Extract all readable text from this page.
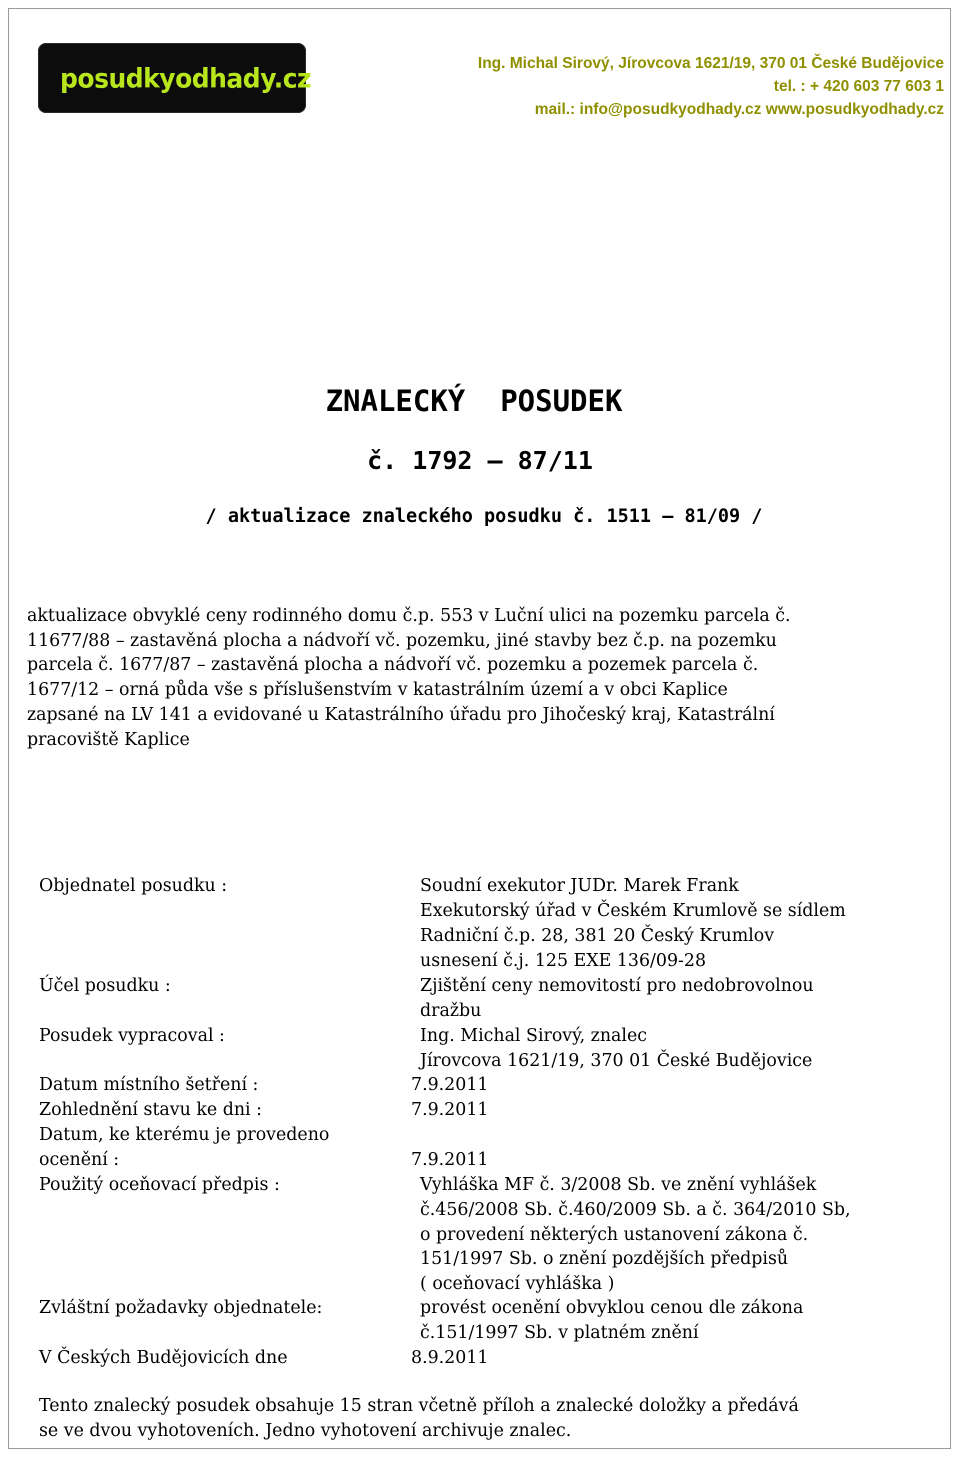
posudkyodhady.cz	Ing. Michal Sirový, Jírovcova 1621/19, 370 01 České Budějovice
tel. : + 420 603 77 603 1
mail.: info@posudkyodhady.cz www.posudkyodhady.cz
ZNALECKÝ  POSUDEK
č. 1792 – 87/11
/ aktualizace znaleckého posudku č. 1511 – 81/09 /
aktualizace obvyklé ceny rodinného domu č.p. 553 v Luční ulici na pozemku parcela č.
11677/88 – zastavěná plocha a nádvoří vč. pozemku, jiné stavby bez č.p. na pozemku
parcela č. 1677/87 – zastavěná plocha a nádvoří vč. pozemku a pozemek parcela č.
1677/12 – orná půda vše s příslušenstvím v katastrálním území a v obci Kaplice
zapsané na LV 141 a evidované u Katastrálního úřadu pro Jihočeský kraj, Katastrální
pracoviště Kaplice
Objednatel posudku :	Soudní exekutor JUDr. Marek Frank
Exekutorský úřad v Českém Krumlově se sídlem
Radniční č.p. 28, 381 20 Český Krumlov
usnesení č.j. 125 EXE 136/09-28
Účel posudku :	Zjištění ceny nemovitostí pro nedobrovolnou
dražbu
Posudek vypracoval :	Ing. Michal Sirový, znalec
Jírovcova 1621/19, 370 01 České Budějovice
Datum místního šetření :	7.9.2011
Zohlednění stavu ke dni :	7.9.2011
Datum, ke kterému je provedeno
ocenění :	7.9.2011
Použitý oceňovací předpis :	Vyhláška MF č. 3/2008 Sb. ve znění vyhlášek
č.456/2008 Sb. č.460/2009 Sb. a č. 364/2010 Sb,
o provedení některých ustanovení zákona č.
151/1997 Sb. o znění pozdějších předpisů
( oceňovací vyhláška )
Zvláštní požadavky objednatele:	provést ocenění obvyklou cenou dle zákona
č.151/1997 Sb. v platném znění
V Českých Budějovicích dne	8.9.2011
Tento znalecký posudek obsahuje 15 stran včetně příloh a znalecké doložky a předává
se ve dvou vyhotoveních. Jedno vyhotovení archivuje znalec.
